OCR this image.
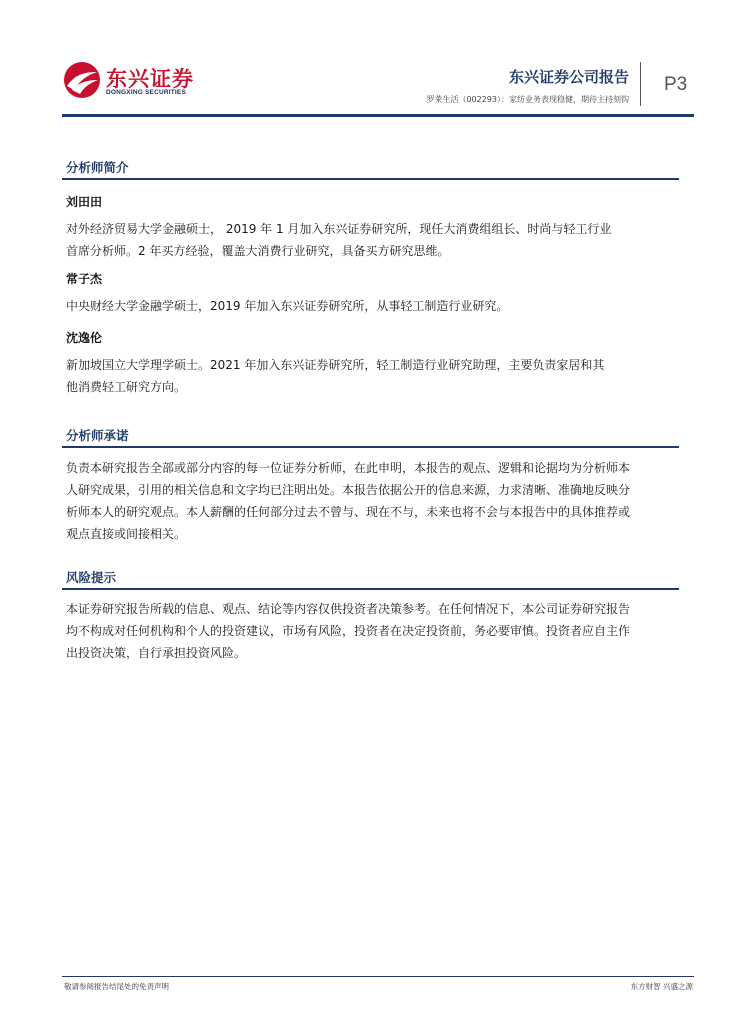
东兴证券
DONGXING SECURITIES
东兴证券公司报告
罗莱生活（002293）：家纺业务表现稳健，期待主持刻钩
P3
分析师简介
刘田田
对外经济贸易大学金融硕士， 2019 年 1 月加入东兴证券研究所，现任大消费组组长、时尚与轻工行业
首席分析师。2 年买方经验，覆盖大消费行业研究，具备买方研究思维。
常子杰
中央财经大学金融学硕士，2019 年加入东兴证券研究所，从事轻工制造行业研究。
沈逸伦
新加坡国立大学理学硕士。2021 年加入东兴证券研究所，轻工制造行业研究助理，主要负责家居和其
他消费轻工研究方向。
分析师承诺
负责本研究报告全部或部分内容的每一位证券分析师，在此申明，本报告的观点、逻辑和论据均为分析师本
人研究成果，引用的相关信息和文字均已注明出处。本报告依据公开的信息来源，力求清晰、准确地反映分
析师本人的研究观点。本人薪酬的任何部分过去不曾与、现在不与，未来也将不会与本报告中的具体推荐或
观点直接或间接相关。
风险提示
本证券研究报告所载的信息、观点、结论等内容仅供投资者决策参考。在任何情况下，本公司证券研究报告
均不构成对任何机构和个人的投资建议，市场有风险，投资者在决定投资前，务必要审慎。投资者应自主作
出投资决策，自行承担投资风险。
敬请参阅报告结尾处的免责声明	东方财智 兴盛之源
